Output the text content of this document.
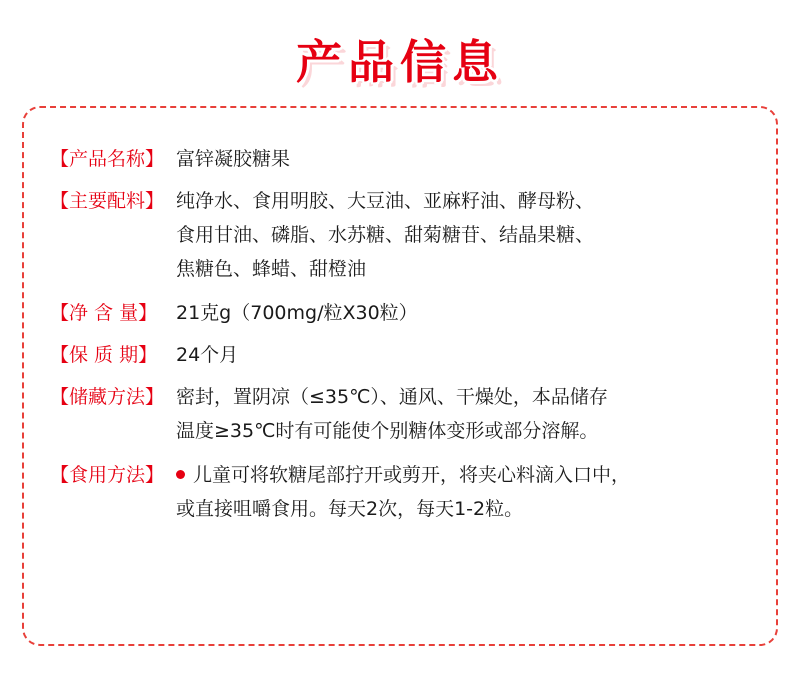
产品信息
【产品名称】 富锌凝胶糖果
【主要配料】 纯净水、食用明胶、大豆油、亚麻籽油、酵母粉、
食用甘油、磷脂、水苏糖、甜菊糖苷、结晶果糖、
焦糖色、蜂蜡、甜橙油
【净 含 量】 21克g（700mg/粒X30粒）
【保 质 期】 24个月
【储藏方法】 密封，置阴凉（≤35℃）、通风、干燥处，本品储存
温度≥35℃时有可能使个别糖体变形或部分溶解。
【食用方法】	儿童可将软糖尾部拧开或剪开，将夹心料滴入口中，
或直接咀嚼食用。每天2次，每天1-2粒。
